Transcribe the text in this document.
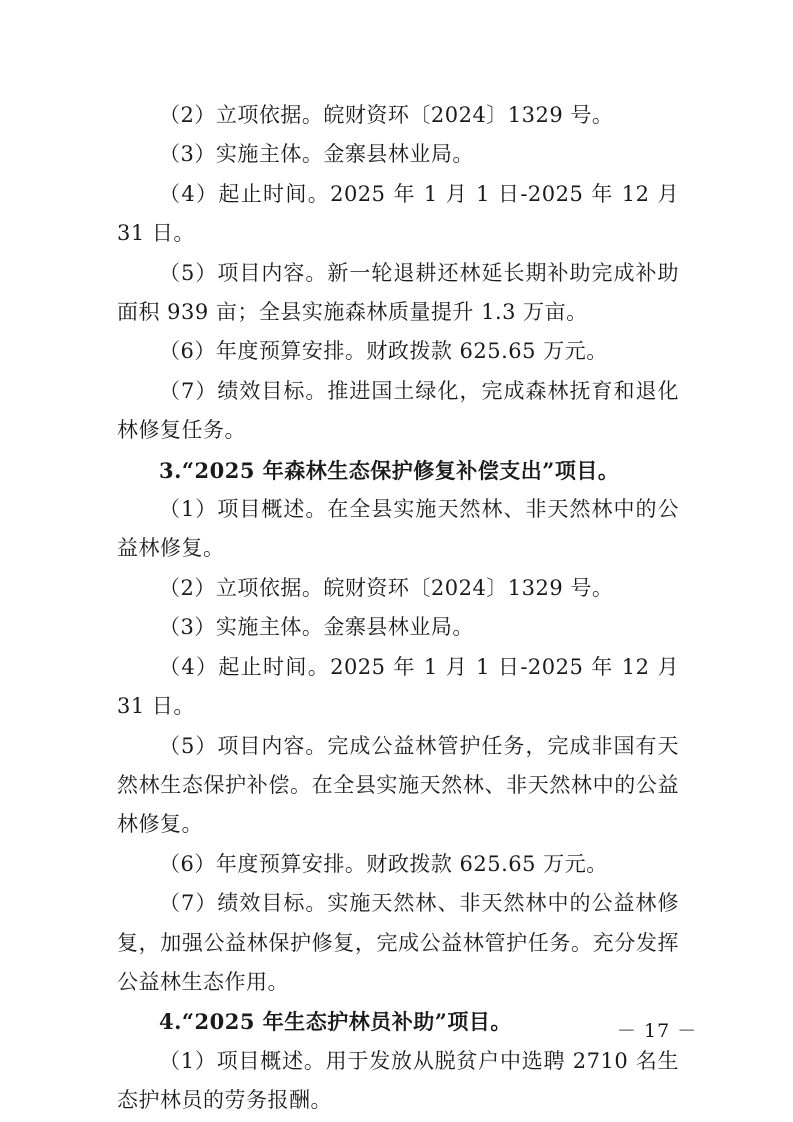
（2）立项依据。皖财资环〔2024〕1329 号。

（3）实施主体。金寨县林业局。

（4）起止时间。2025 年 1 月 1 日-2025 年 12 月 31 日。

（5）项目内容。新一轮退耕还林延长期补助完成补助面积 939 亩；全县实施森林质量提升 1.3 万亩。

（6）年度预算安排。财政拨款 625.65 万元。

（7）绩效目标。推进国土绿化，完成森林抚育和退化林修复任务。

3.“2025 年森林生态保护修复补偿支出”项目。

（1）项目概述。在全县实施天然林、非天然林中的公益林修复。

（2）立项依据。皖财资环〔2024〕1329 号。

（3）实施主体。金寨县林业局。

（4）起止时间。2025 年 1 月 1 日-2025 年 12 月 31 日。

（5）项目内容。完成公益林管护任务，完成非国有天然林生态保护补偿。在全县实施天然林、非天然林中的公益林修复。

（6）年度预算安排。财政拨款 625.65 万元。

（7）绩效目标。实施天然林、非天然林中的公益林修复，加强公益林保护修复，完成公益林管护任务。充分发挥公益林生态作用。

4.“2025 年生态护林员补助”项目。

（1）项目概述。用于发放从脱贫户中选聘 2710 名生态护林员的劳务报酬。

－ 17 －
